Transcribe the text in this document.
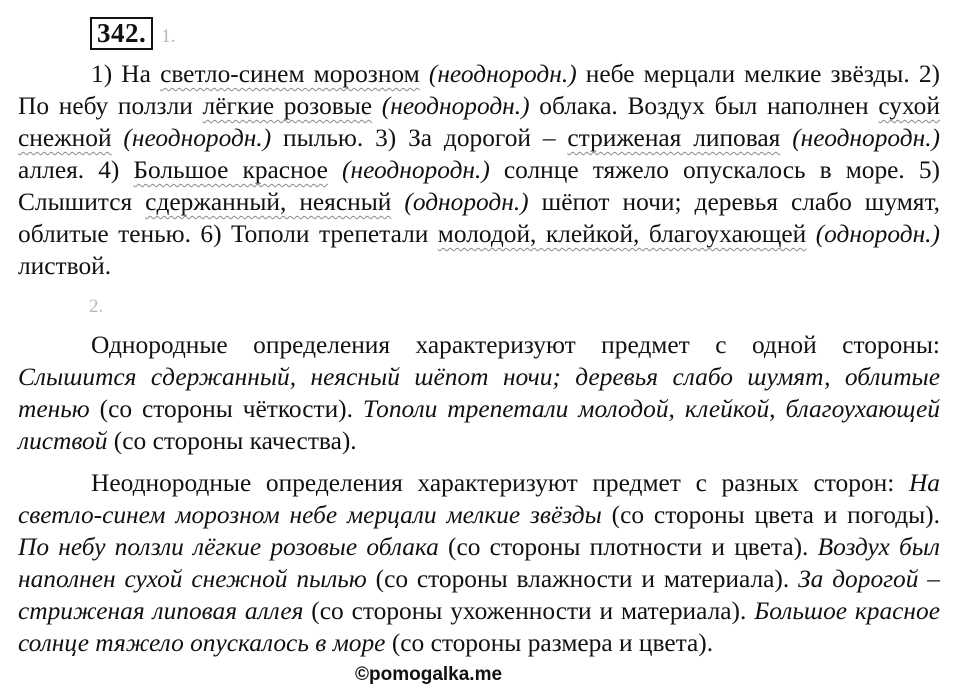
342. 1.
1) На светло-синем морозном (неоднородн.) небе мерцали мелкие звёзды. 2) По небу ползли лёгкие розовые (неоднородн.) облака. Воздух был наполнен сухой снежной (неоднородн.) пылью. 3) За дорогой – стриженая липовая (неоднородн.) аллея. 4) Большое красное (неоднородн.) солнце тяжело опускалось в море. 5) Слышится сдержанный, неясный (однородн.) шёпот ночи; деревья слабо шумят, облитые тенью. 6) Тополи трепетали молодой, клейкой, благоухающей (однородн.) листвой.
2.
Однородные определения характеризуют предмет с одной стороны: Слышится сдержанный, неясный шёпот ночи; деревья слабо шумят, облитые тенью (со стороны чёткости). Тополи трепетали молодой, клейкой, благоухающей листвой (со стороны качества).
Неоднородные определения характеризуют предмет с разных сторон: На светло-синем морозном небе мерцали мелкие звёзды (со стороны цвета и погоды). По небу ползли лёгкие розовые облака (со стороны плотности и цвета). Воздух был наполнен сухой снежной пылью (со стороны влажности и материала). За дорогой – стриженая липовая аллея (со стороны ухоженности и материала). Большое красное солнце тяжело опускалось в море (со стороны размера и цвета).
©pomogalka.me
